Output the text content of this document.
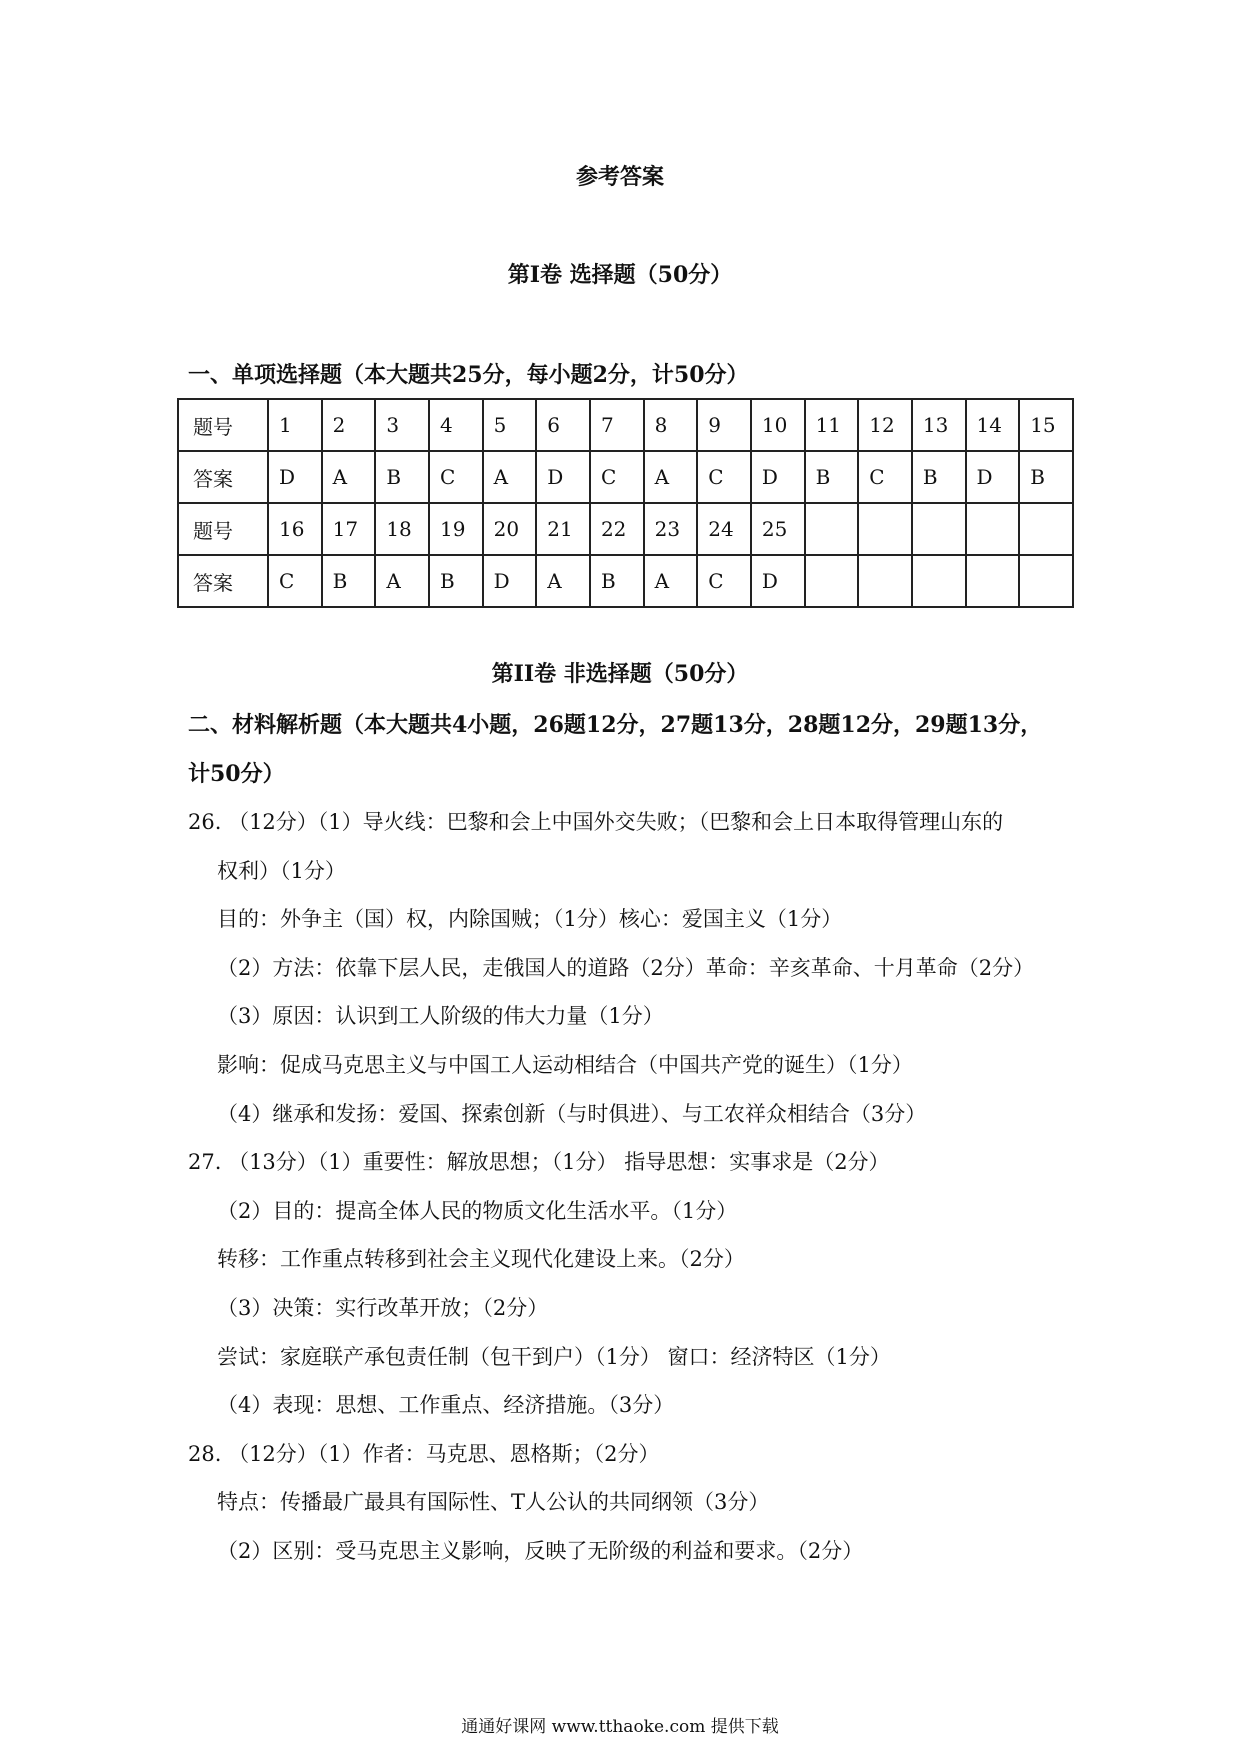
参考答案
第Ⅰ卷 选择题（50分）
一、单项选择题（本大题共25分，每小题2分，计50分）
题号	1	2	3	4	5	6	7	8	9	10	11	12	13	14	15
答案	D	A	B	C	A	D	C	A	C	D	B	C	B	D	B
题号	16	17	18	19	20	21	22	23	24	25					
答案	C	B	A	B	D	A	B	A	C	D					
第II卷 非选择题（50分）
二、材料解析题（本大题共4小题，26题12分，27题13分，28题12分，29题13分，
计50分）
26. （12分）（1）导火线：巴黎和会上中国外交失败；（巴黎和会上日本取得管理山东的
权利）（1分）
目的：外争主（国）权，内除国贼；（1分）核心：爱国主义（1分）
（2）方法：依靠下层人民，走俄国人的道路（2分）革命：辛亥革命、十月革命（2分）
（3）原因：认识到工人阶级的伟大力量（1分）
影响：促成马克思主义与中国工人运动相结合（中国共产党的诞生）（1分）
（4）继承和发扬：爱国、探索创新（与时俱进）、与工农祥众相结合（3分）
27. （13分）（1）重要性：解放思想；（1分） 指导思想：实事求是（2分）
（2）目的：提高全体人民的物质文化生活水平。（1分）
转移：工作重点转移到社会主义现代化建设上来。（2分）
（3）决策：实行改革开放；（2分）
尝试：家庭联产承包责任制（包干到户）（1分） 窗口：经济特区（1分）
（4）表现：思想、工作重点、经济措施。（3分）
28. （12分）（1）作者：马克思、恩格斯；（2分）
特点：传播最广最具有国际性、T人公认的共同纲领（3分）
（2）区别：受马克思主义影响，反映了无阶级的利益和要求。（2分）
通通好课网 www.tthaoke.com 提供下载
